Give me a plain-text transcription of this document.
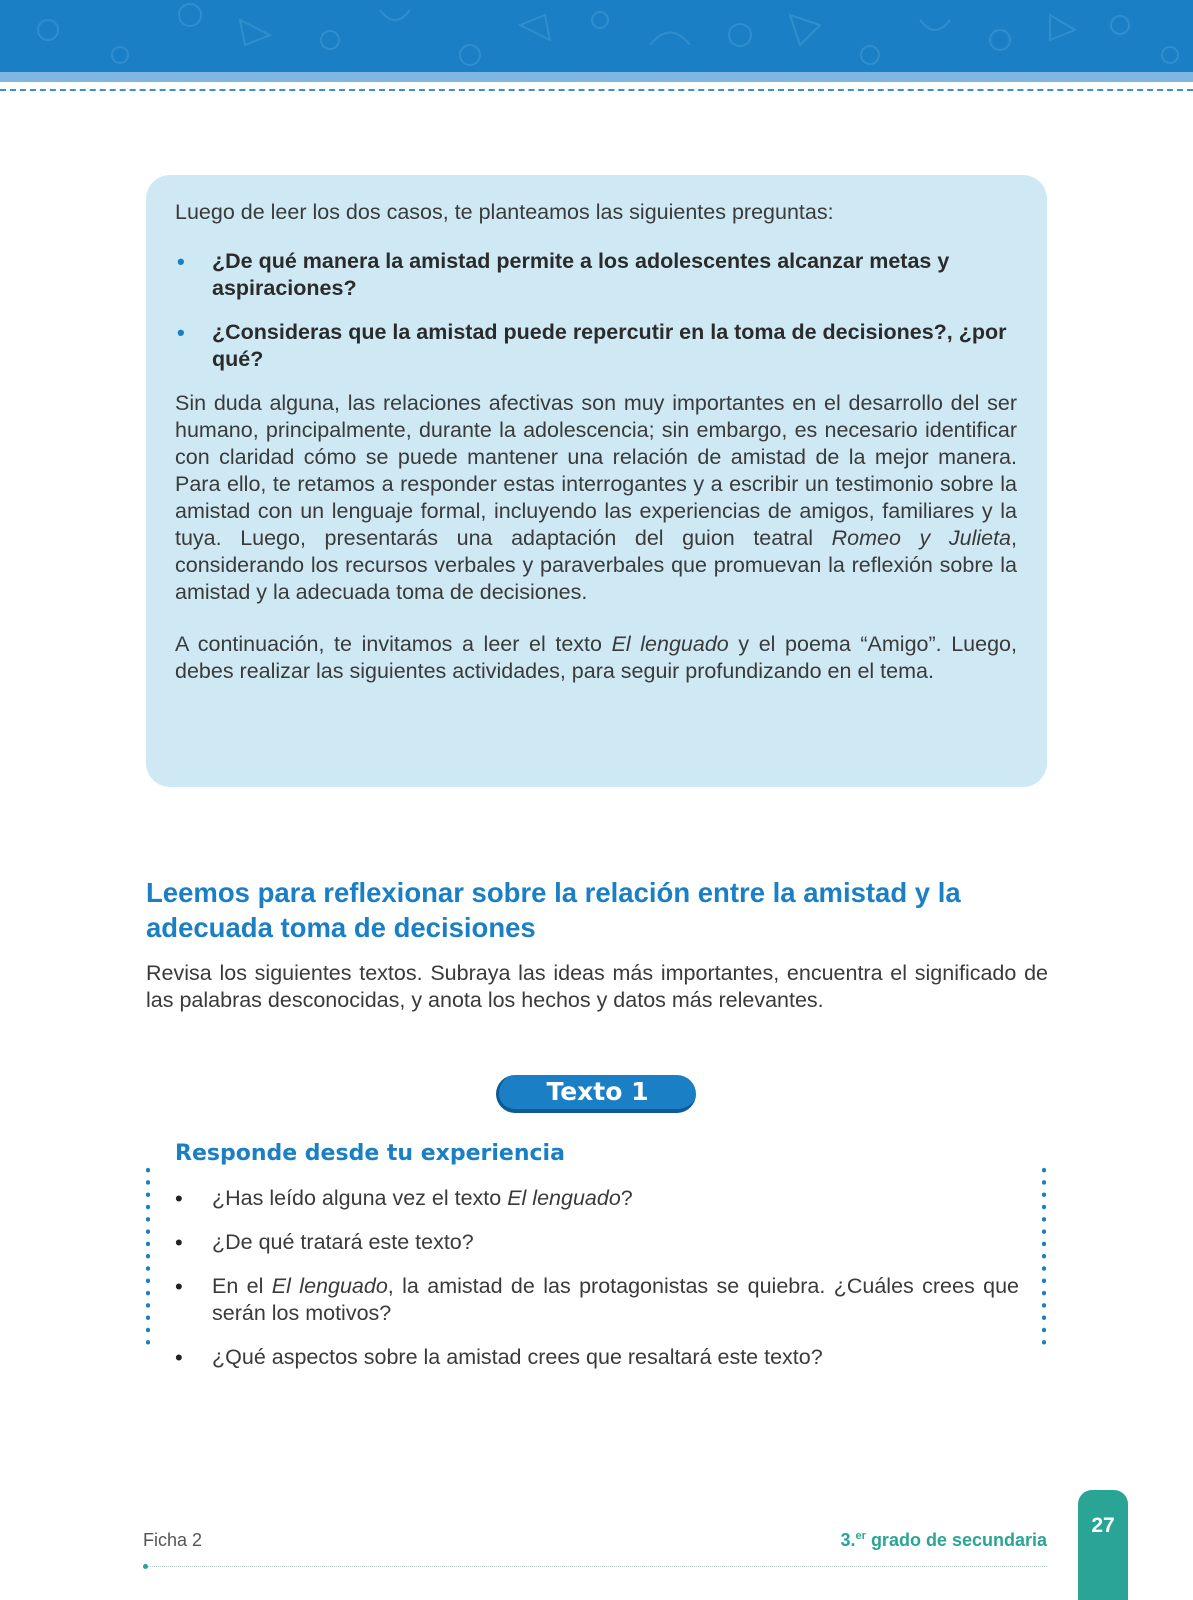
Luego de leer los dos casos, te planteamos las siguientes preguntas:

• ¿De qué manera la amistad permite a los adolescentes alcanzar metas y aspiraciones?
• ¿Consideras que la amistad puede repercutir en la toma de decisiones?, ¿por qué?

Sin duda alguna, las relaciones afectivas son muy importantes en el desarrollo del ser humano, principalmente, durante la adolescencia; sin embargo, es necesario identificar con claridad cómo se puede mantener una relación de amistad de la mejor manera. Para ello, te retamos a responder estas interrogantes y a escribir un testimonio sobre la amistad con un lenguaje formal, incluyendo las experiencias de amigos, familiares y la tuya. Luego, presentarás una adaptación del guion teatral Romeo y Julieta, considerando los recursos verbales y paraverbales que promuevan la reflexión sobre la amistad y la adecuada toma de decisiones.

A continuación, te invitamos a leer el texto El lenguado y el poema “Amigo”. Luego, debes realizar las siguientes actividades, para seguir profundizando en el tema.

Leemos para reflexionar sobre la relación entre la amistad y la adecuada toma de decisiones

Revisa los siguientes textos. Subraya las ideas más importantes, encuentra el significado de las palabras desconocidas, y anota los hechos y datos más relevantes.

Texto 1
Responde desde tu experiencia
• ¿Has leído alguna vez el texto El lenguado?
• ¿De qué tratará este texto?
• En el El lenguado, la amistad de las protagonistas se quiebra. ¿Cuáles crees que serán los motivos?
• ¿Qué aspectos sobre la amistad crees que resaltará este texto?
Ficha 2	3.$^{er}$ grado de secundaria
27
